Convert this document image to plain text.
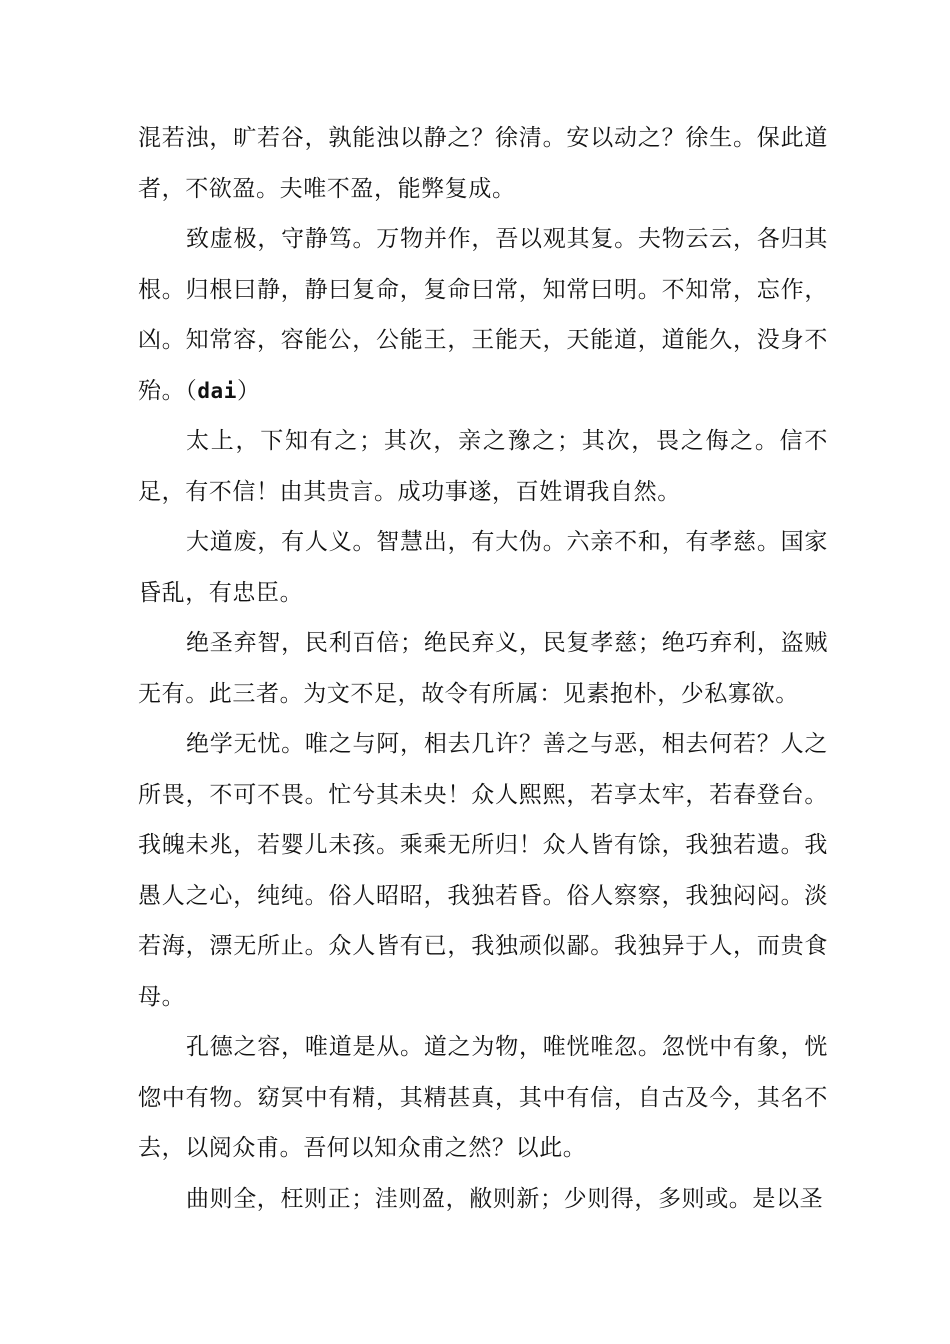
混若浊，旷若谷，孰能浊以静之？徐清。安以动之？徐生。保此道者，不欲盈。夫唯不盈，能弊复成。

致虚极，守静笃。万物并作，吾以观其复。夫物云云，各归其根。归根曰静，静曰复命，复命曰常，知常曰明。不知常，忘作，凶。知常容，容能公，公能王，王能天，天能道，道能久，没身不殆。（dai）

太上，下知有之；其次，亲之豫之；其次，畏之侮之。信不足，有不信！由其贵言。成功事遂，百姓谓我自然。

大道废，有人义。智慧出，有大伪。六亲不和，有孝慈。国家昏乱，有忠臣。

绝圣弃智，民利百倍；绝民弃义，民复孝慈；绝巧弃利，盗贼无有。此三者。为文不足，故令有所属：见素抱朴，少私寡欲。

绝学无忧。唯之与阿，相去几许？善之与恶，相去何若？人之所畏，不可不畏。忙兮其未央！众人熙熙，若享太牢，若春登台。我魄未兆，若婴儿未孩。乘乘无所归！众人皆有馀，我独若遗。我愚人之心，纯纯。俗人昭昭，我独若昏。俗人察察，我独闷闷。淡若海，漂无所止。众人皆有已，我独顽似鄙。我独异于人，而贵食母。

孔德之容，唯道是从。道之为物，唯恍唯忽。忽恍中有象，恍惚中有物。窈冥中有精，其精甚真，其中有信，自古及今，其名不去，以阅众甫。吾何以知众甫之然？以此。

曲则全，枉则正；洼则盈，敝则新；少则得，多则或。是以圣
